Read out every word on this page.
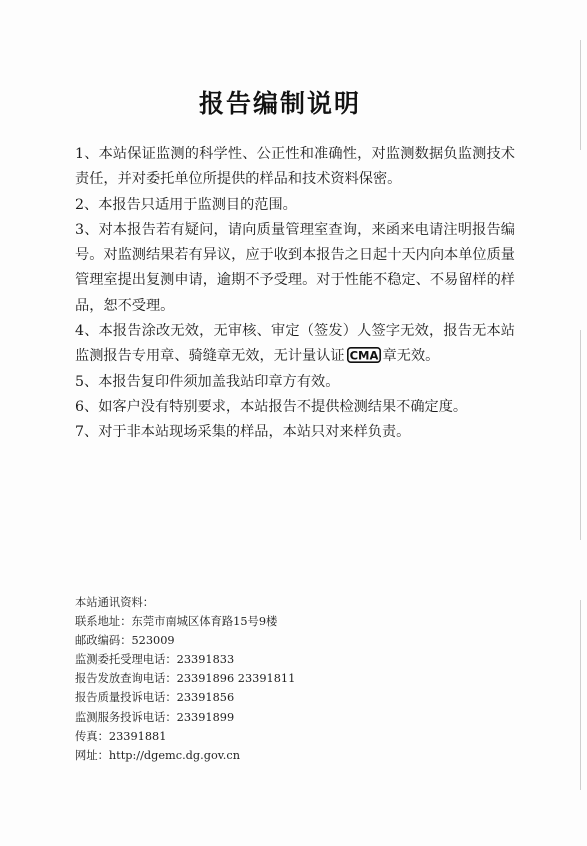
报告编制说明

1、本站保证监测的科学性、公正性和准确性，对监测数据负监测技术责任，并对委托单位所提供的样品和技术资料保密。

2、本报告只适用于监测目的范围。

3、对本报告若有疑问，请向质量管理室查询，来函来电请注明报告编号。对监测结果若有异议，应于收到本报告之日起十天内向本单位质量管理室提出复测申请，逾期不予受理。对于性能不稳定、不易留样的样品，恕不受理。

4、本报告涂改无效，无审核、审定（签发）人签字无效，报告无本站监测报告专用章、骑缝章无效，无计量认证 CMA 章无效。

5、本报告复印件须加盖我站印章方有效。

6、如客户没有特别要求，本站报告不提供检测结果不确定度。

7、对于非本站现场采集的样品，本站只对来样负责。

本站通讯资料：
联系地址：东莞市南城区体育路15号9楼
邮政编码：523009
监测委托受理电话：23391833
报告发放查询电话：23391896 23391811
报告质量投诉电话：23391856
监测服务投诉电话：23391899
传真：23391881
网址：http://dgemc.dg.gov.cn
